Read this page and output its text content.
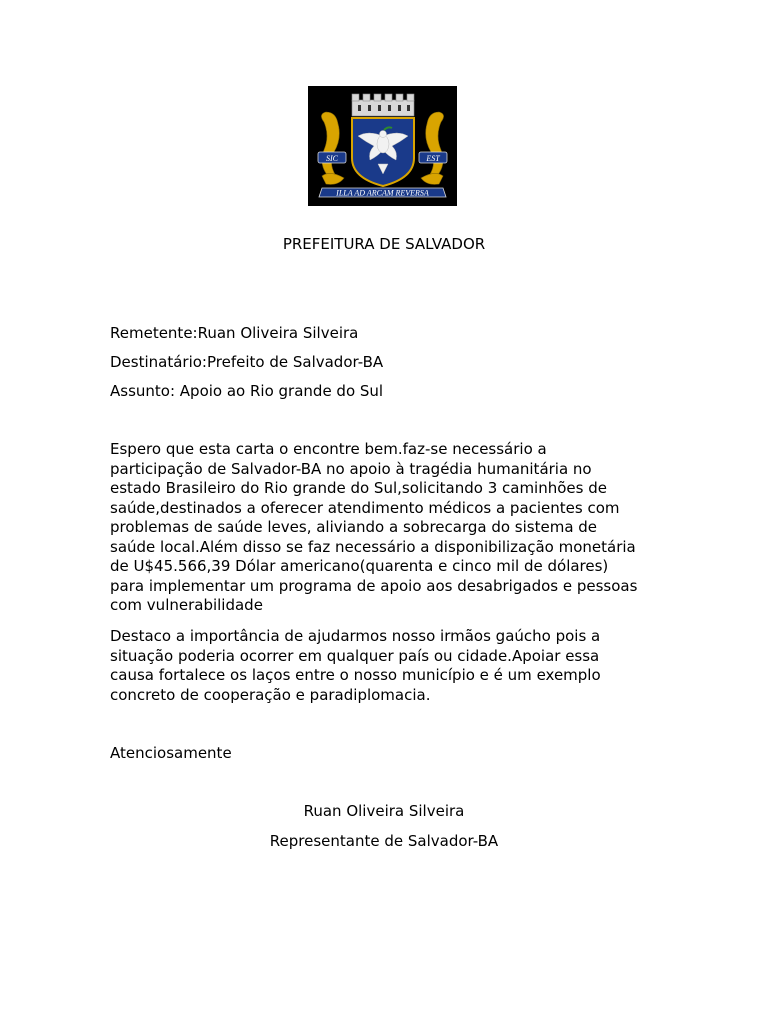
SIC	EST
ILLA AD ARCAM REVERSA
PREFEITURA DE SALVADOR
Remetente:Ruan Oliveira Silveira
Destinatário:Prefeito de Salvador-BA
Assunto: Apoio ao Rio grande do Sul
Espero que esta carta o encontre bem.faz-se necessário a
participação de Salvador-BA no apoio à tragédia humanitária no
estado Brasileiro do Rio grande do Sul,solicitando 3 caminhões de
saúde,destinados a oferecer atendimento médicos a pacientes com
problemas de saúde leves, aliviando a sobrecarga do sistema de
saúde local.Além disso se faz necessário a disponibilização monetária
de U$45.566,39 Dólar americano(quarenta e cinco mil de dólares)
para implementar um programa de apoio aos desabrigados e pessoas
com vulnerabilidade
Destaco a importância de ajudarmos nosso irmãos gaúcho pois a
situação poderia ocorrer em qualquer país ou cidade.Apoiar essa
causa fortalece os laços entre o nosso município e é um exemplo
concreto de cooperação e paradiplomacia.
Atenciosamente
Ruan Oliveira Silveira
Representante de Salvador-BA
